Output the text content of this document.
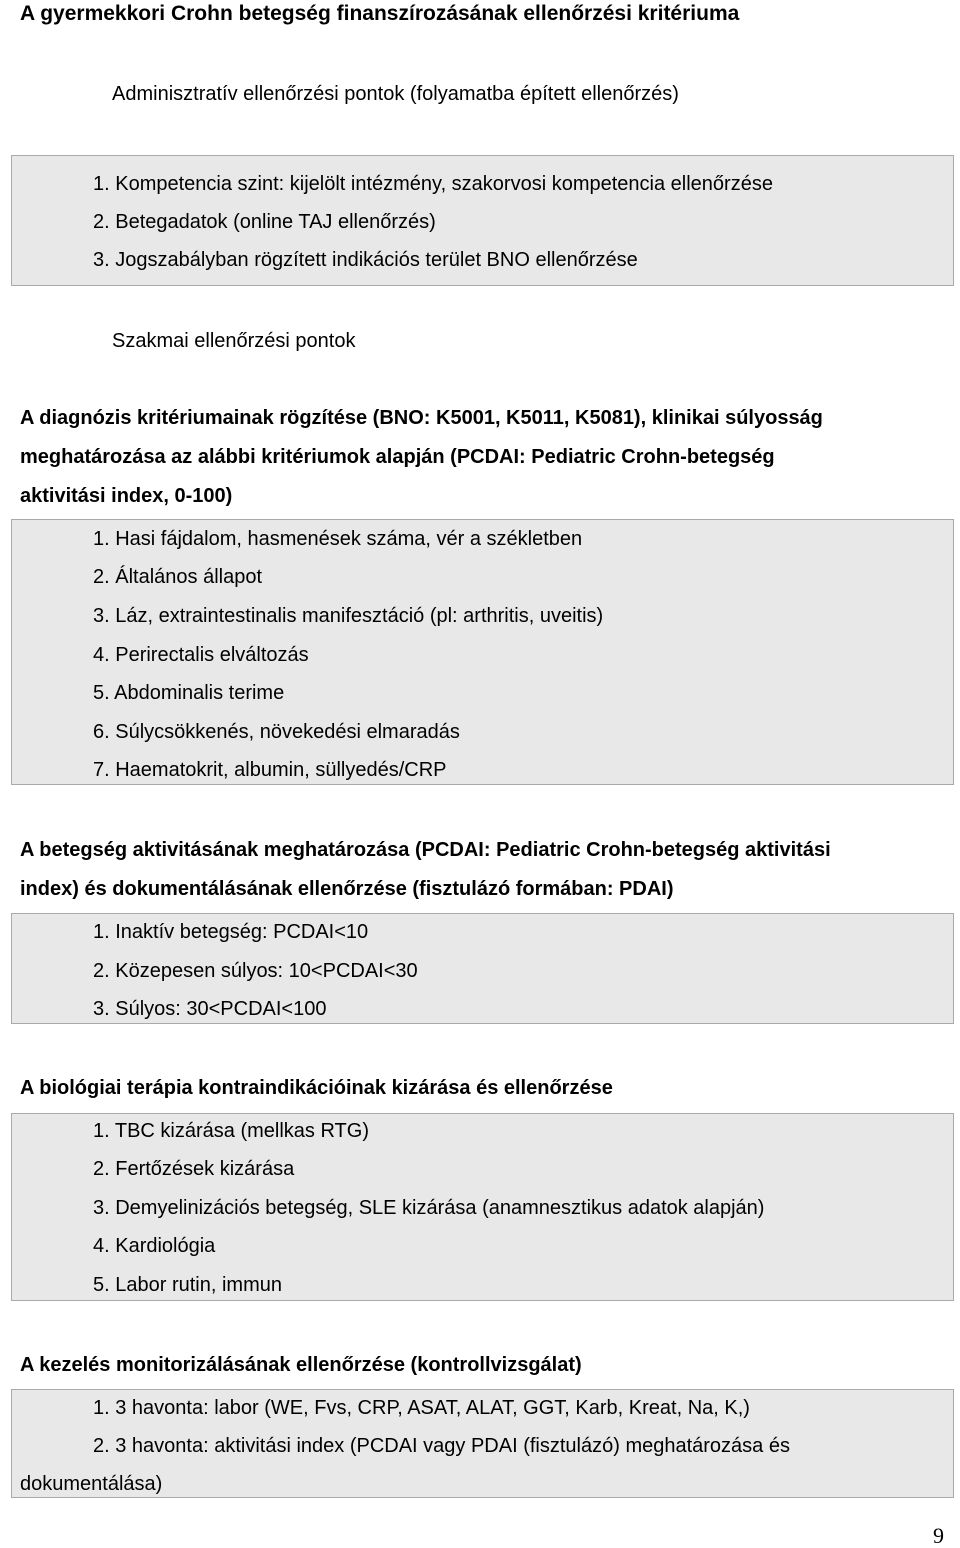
A gyermekkori Crohn betegség finanszírozásának ellenőrzési kritériuma
Adminisztratív ellenőrzési pontok (folyamatba épített ellenőrzés)
1. Kompetencia szint: kijelölt intézmény, szakorvosi kompetencia ellenőrzése
2. Betegadatok (online TAJ ellenőrzés)
3. Jogszabályban rögzített indikációs terület BNO ellenőrzése
Szakmai ellenőrzési pontok
A diagnózis kritériumainak rögzítése (BNO: K5001, K5011, K5081), klinikai súlyosság
meghatározása az alábbi kritériumok alapján (PCDAI: Pediatric Crohn-betegség
aktivitási index, 0-100)
1. Hasi fájdalom, hasmenések száma, vér a székletben
2. Általános állapot
3. Láz, extraintestinalis manifesztáció (pl: arthritis, uveitis)
4. Perirectalis elváltozás
5. Abdominalis terime
6. Súlycsökkenés, növekedési elmaradás
7. Haematokrit, albumin, süllyedés/CRP
A betegség aktivitásának meghatározása (PCDAI: Pediatric Crohn-betegség aktivitási
index) és dokumentálásának ellenőrzése (fisztulázó formában: PDAI)
1. Inaktív betegség: PCDAI<10
2. Közepesen súlyos: 10<PCDAI<30
3. Súlyos: 30<PCDAI<100
A biológiai terápia kontraindikációinak kizárása és ellenőrzése
1. TBC kizárása (mellkas RTG)
2. Fertőzések kizárása
3. Demyelinizációs betegség, SLE kizárása (anamnesztikus adatok alapján)
4. Kardiológia
5. Labor rutin, immun
A kezelés monitorizálásának ellenőrzése (kontrollvizsgálat)
1. 3 havonta: labor (WE, Fvs, CRP, ASAT, ALAT, GGT, Karb, Kreat, Na, K,)
2. 3 havonta: aktivitási index (PCDAI vagy PDAI (fisztulázó) meghatározása és
dokumentálása)
9
